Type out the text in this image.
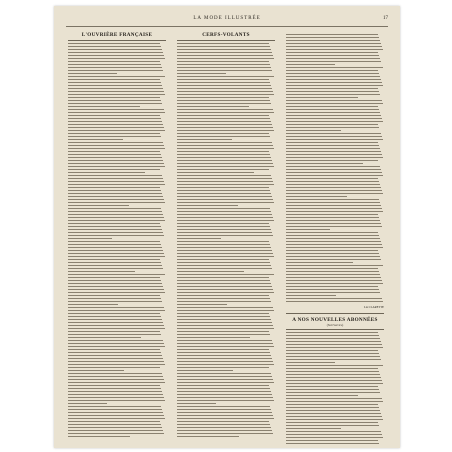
LA MODE ILLUSTRÉE	17
L'OUVRIÈRE FRANÇAISE	CERFS-VOLANTS
Lia CLARETTE
A NOS NOUVELLES ABONNÉES
(Suit Service)
